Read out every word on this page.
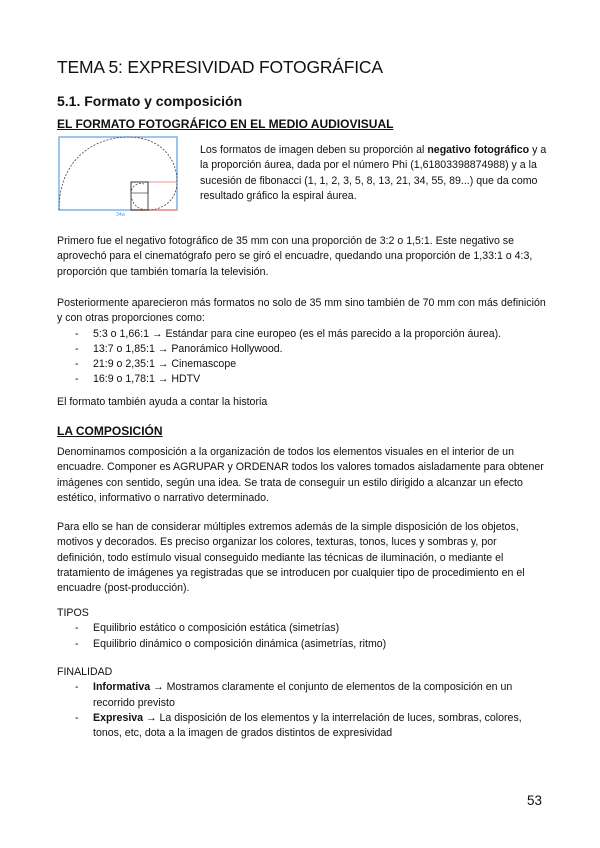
TEMA 5: EXPRESIVIDAD FOTOGRÁFICA
5.1. Formato y composición
EL FORMATO FOTOGRÁFICO EN EL MEDIO AUDIOVISUAL
34w
Los formatos de imagen deben su proporción al negativo fotográfico y a la proporción áurea, dada por el número Phi (1,61803398874988) y a la sucesión de fibonacci (1, 1, 2, 3, 5, 8, 13, 21, 34, 55, 89...) que da como resultado gráfico la espiral áurea.
Primero fue el negativo fotográfico de 35 mm con una proporción de 3:2 o 1,5:1. Este negativo se aprovechó para el cinematógrafo pero se giró el encuadre, quedando una proporción de 1,33:1 o 4:3, proporción que también tomaría la televisión.
Posteriormente aparecieron más formatos no solo de 35 mm sino también de 70 mm con más definición y con otras proporciones como:
- 5:3 o 1,66:1 → Estándar para cine europeo (es el más parecido a la proporción áurea).
- 13:7 o 1,85:1 → Panorámico Hollywood.
- 21:9 o 2,35:1 → Cinemascope
- 16:9 o 1,78:1 → HDTV
El formato también ayuda a contar la historia
LA COMPOSICIÓN
Denominamos composición a la organización de todos los elementos visuales en el interior de un encuadre. Componer es AGRUPAR y ORDENAR todos los valores tomados aisladamente para obtener imágenes con sentido, según una idea. Se trata de conseguir un estilo dirigido a alcanzar un efecto estético, informativo o narrativo determinado.
Para ello se han de considerar múltiples extremos además de la simple disposición de los objetos, motivos y decorados. Es preciso organizar los colores, texturas, tonos, luces y sombras y, por definición, todo estímulo visual conseguido mediante las técnicas de iluminación, o mediante el tratamiento de imágenes ya registradas que se introducen por cualquier tipo de procedimiento en el encuadre (post-producción).
TIPOS
- Equilibrio estático o composición estática (simetrías)
- Equilibrio dinámico o composición dinámica (asimetrías, ritmo)
FINALIDAD
- Informativa → Mostramos claramente el conjunto de elementos de la composición en un recorrido previsto
- Expresiva → La disposición de los elementos y la interrelación de luces, sombras, colores, tonos, etc, dota a la imagen de grados distintos de expresividad
53
